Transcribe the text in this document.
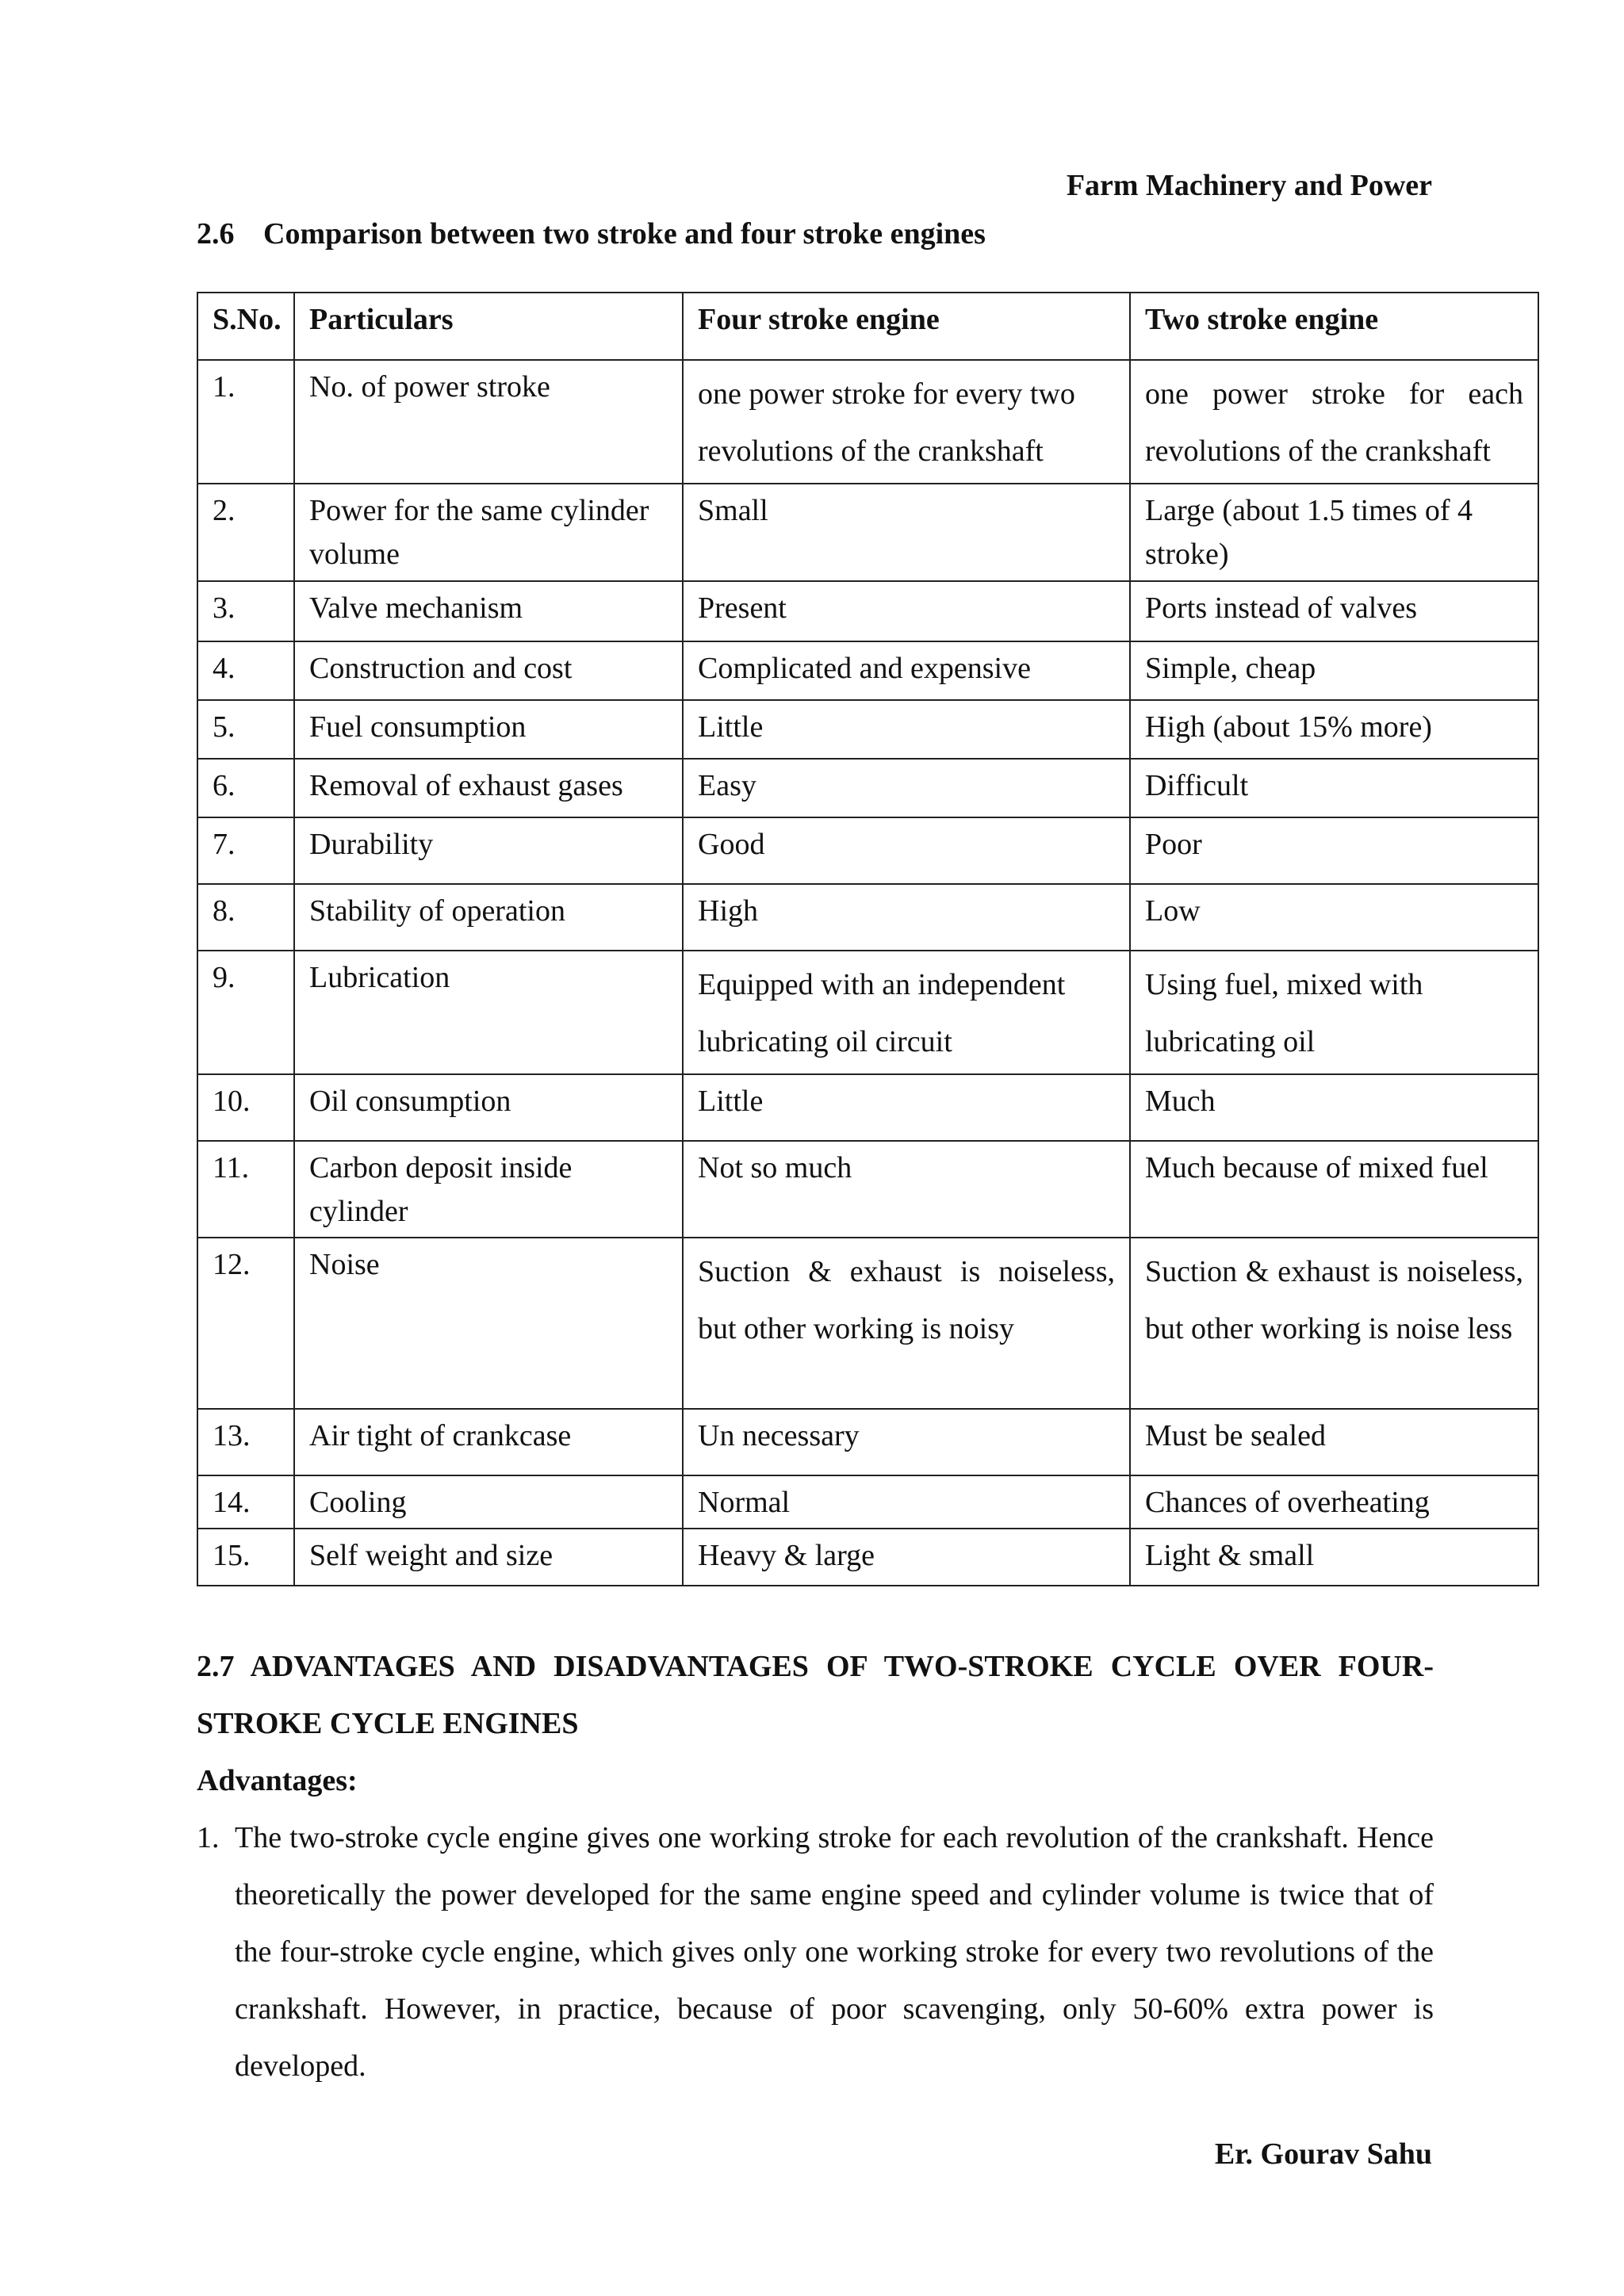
Farm Machinery and Power
2.6 Comparison between two stroke and four stroke engines
S.No.	Particulars	Four stroke engine	Two stroke engine
1.	No. of power stroke	one power stroke for every two revolutions of the crankshaft	one power stroke for each revolutions of the crankshaft
2.	Power for the same cylinder volume	Small	Large (about 1.5 times of 4 stroke)
3.	Valve mechanism	Present	Ports instead of valves
4.	Construction and cost	Complicated and expensive	Simple, cheap
5.	Fuel consumption	Little	High (about 15% more)
6.	Removal of exhaust gases	Easy	Difficult
7.	Durability	Good	Poor
8.	Stability of operation	High	Low
9.	Lubrication	Equipped with an independent lubricating oil circuit	Using fuel, mixed with lubricating oil
10.	Oil consumption	Little	Much
11.	Carbon deposit inside cylinder	Not so much	Much because of mixed fuel
12.	Noise	Suction & exhaust is noiseless, but other working is noisy	Suction & exhaust is noiseless, but other working is noise less
13.	Air tight of crankcase	Un necessary	Must be sealed
14.	Cooling	Normal	Chances of overheating
15.	Self weight and size	Heavy & large	Light & small
2.7 ADVANTAGES AND DISADVANTAGES OF TWO-STROKE CYCLE OVER FOUR-STROKE CYCLE ENGINES
Advantages:
1. The two-stroke cycle engine gives one working stroke for each revolution of the crankshaft. Hence theoretically the power developed for the same engine speed and cylinder volume is twice that of the four-stroke cycle engine, which gives only one working stroke for every two revolutions of the crankshaft. However, in practice, because of poor scavenging, only 50-60% extra power is developed.
Er. Gourav Sahu
